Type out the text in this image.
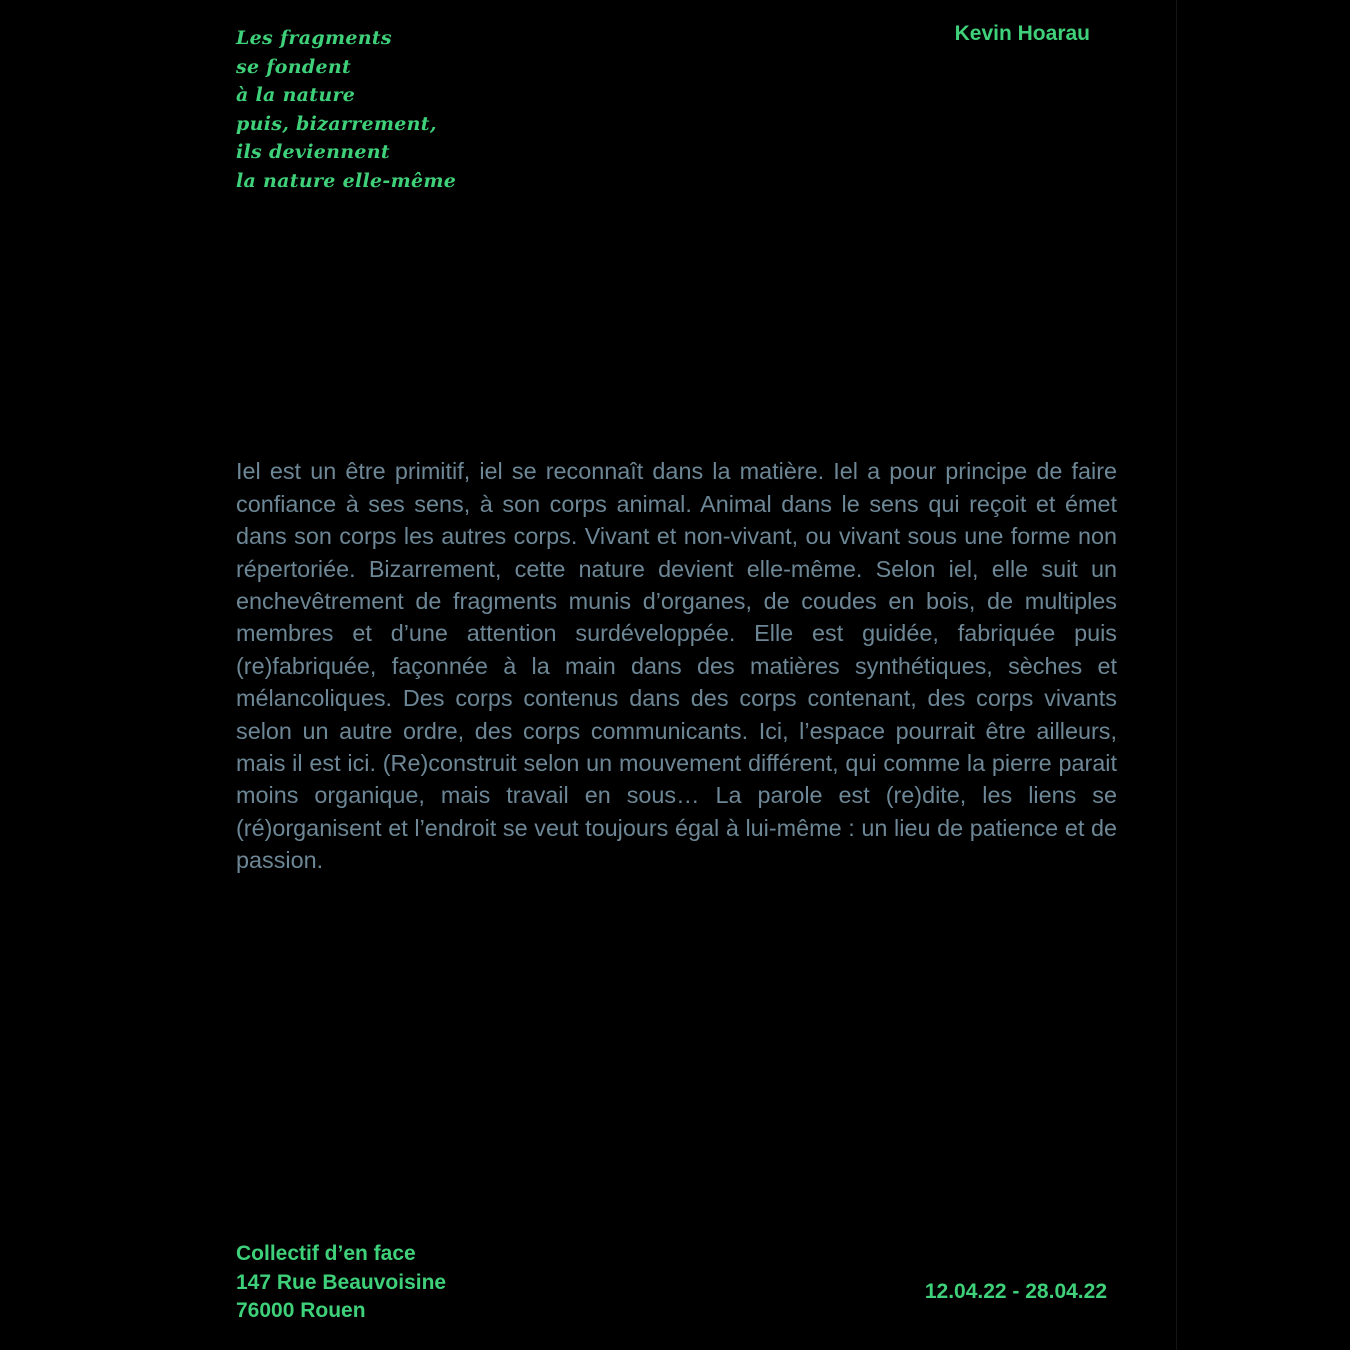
Les fragments
se fondent
à la nature
puis, bizarrement,
ils deviennent
la nature elle-même
Kevin Hoarau

Iel est un être primitif, iel se reconnaît dans la matière. Iel a pour principe de faire confiance à ses sens, à son corps animal. Animal dans le sens qui reçoit et émet dans son corps les autres corps. Vivant et non-vivant, ou vivant sous une forme non répertoriée. Bizarrement, cette nature devient elle-même. Selon iel, elle suit un enchevêtrement de fragments munis d’organes, de coudes en bois, de multiples membres et d’une attention surdéveloppée. Elle est guidée, fabriquée puis (re)fabriquée, façonnée à la main dans des matières synthétiques, sèches et mélancoliques. Des corps contenus dans des corps contenant, des corps vivants selon un autre ordre, des corps communicants. Ici, l’espace pourrait être ailleurs, mais il est ici. (Re)construit selon un mouvement différent, qui comme la pierre parait moins organique, mais travail en sous… La parole est (re)dite, les liens se (ré)organisent et l’endroit se veut toujours égal à lui-même : un lieu de patience et de passion.

Collectif d’en face
147 Rue Beauvoisine
76000 Rouen
12.04.22 - 28.04.22
